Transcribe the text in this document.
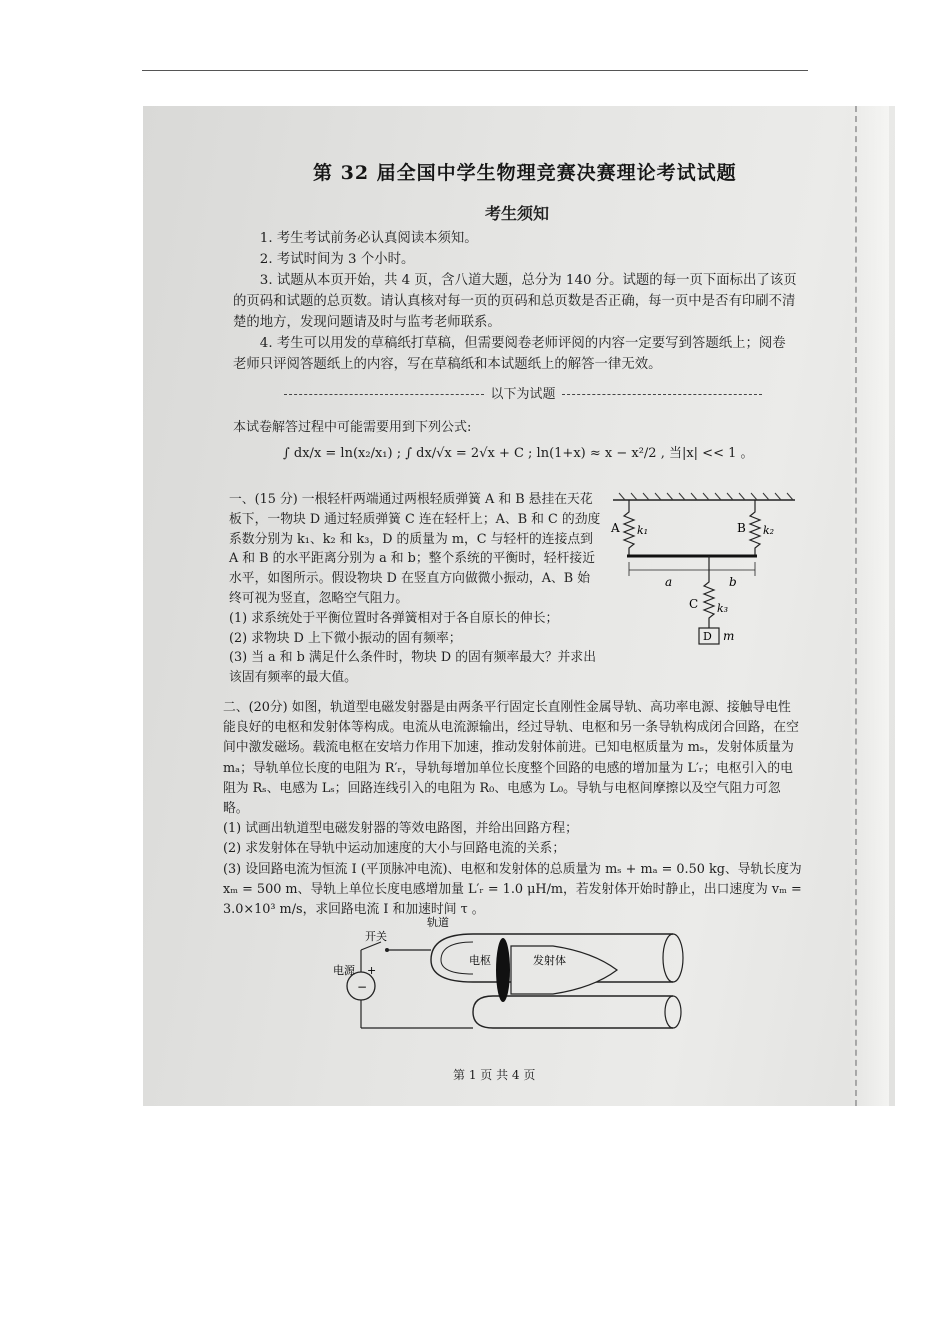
第 32 届全国中学生物理竞赛决赛理论考试试题
考生须知

1. 考生考试前务必认真阅读本须知。

2. 考试时间为 3 个小时。

3. 试题从本页开始，共 4 页，含八道大题，总分为 140 分。试题的每一页下面标出了该页的页码和试题的总页数。请认真核对每一页的页码和总页数是否正确，每一页中是否有印刷不清楚的地方，发现问题请及时与监考老师联系。

4. 考生可以用发的草稿纸打草稿，但需要阅卷老师评阅的内容一定要写到答题纸上；阅卷老师只评阅答题纸上的内容，写在草稿纸和本试题纸上的解答一律无效。

以下为试题
本试卷解答过程中可能需要用到下列公式:
∫ dx/x = ln(x₂/x₁) ; ∫ dx/√x = 2√x + C ; ln(1+x) ≈ x − x²/2 , 当|x| << 1 。

一、(15 分) 一根轻杆两端通过两根轻质弹簧 A 和 B 悬挂在天花板下，一物块 D 通过轻质弹簧 C 连在轻杆上；A、B 和 C 的劲度系数分别为 k₁、k₂ 和 k₃，D 的质量为 m，C 与轻杆的连接点到 A 和 B 的水平距离分别为 a 和 b；整个系统的平衡时，轻杆接近水平，如图所示。假设物块 D 在竖直方向做微小振动，A、B 始终可视为竖直，忽略空气阻力。

(1) 求系统处于平衡位置时各弹簧相对于各自原长的伸长；

(2) 求物块 D 上下微小振动的固有频率；

(3) 当 a 和 b 满足什么条件时，物块 D 的固有频率最大？并求出该固有频率的最大值。

A k₁	B k₂
a	b
C k₃
D m

二、(20分) 如图，轨道型电磁发射器是由两条平行固定长直刚性金属导轨、高功率电源、接触导电性能良好的电枢和发射体等构成。电流从电流源输出，经过导轨、电枢和另一条导轨构成闭合回路，在空间中激发磁场。载流电枢在安培力作用下加速，推动发射体前进。已知电枢质量为 mₛ，发射体质量为 mₐ；导轨单位长度的电阻为 R′ᵣ，导轨每增加单位长度整个回路的电感的增加量为 L′ᵣ；电枢引入的电阻为 Rₛ、电感为 Lₛ；回路连线引入的电阻为 R₀、电感为 L₀。导轨与电枢间摩擦以及空气阻力可忽略。

(1) 试画出轨道型电磁发射器的等效电路图，并给出回路方程；

(2) 求发射体在导轨中运动加速度的大小与回路电流的关系；

(3) 设回路电流为恒流 I (平顶脉冲电流)、电枢和发射体的总质量为 mₛ + mₐ = 0.50 kg、导轨长度为 xₘ = 500 m、导轨上单位长度电感增加量 L′ᵣ = 1.0 μH/m，若发射体开始时静止，出口速度为 vₘ = 3.0×10³ m/s，求回路电流 I 和加速时间 τ 。

开关
轨道
电源 +
−
电枢	发射体
第 1 页 共 4 页
